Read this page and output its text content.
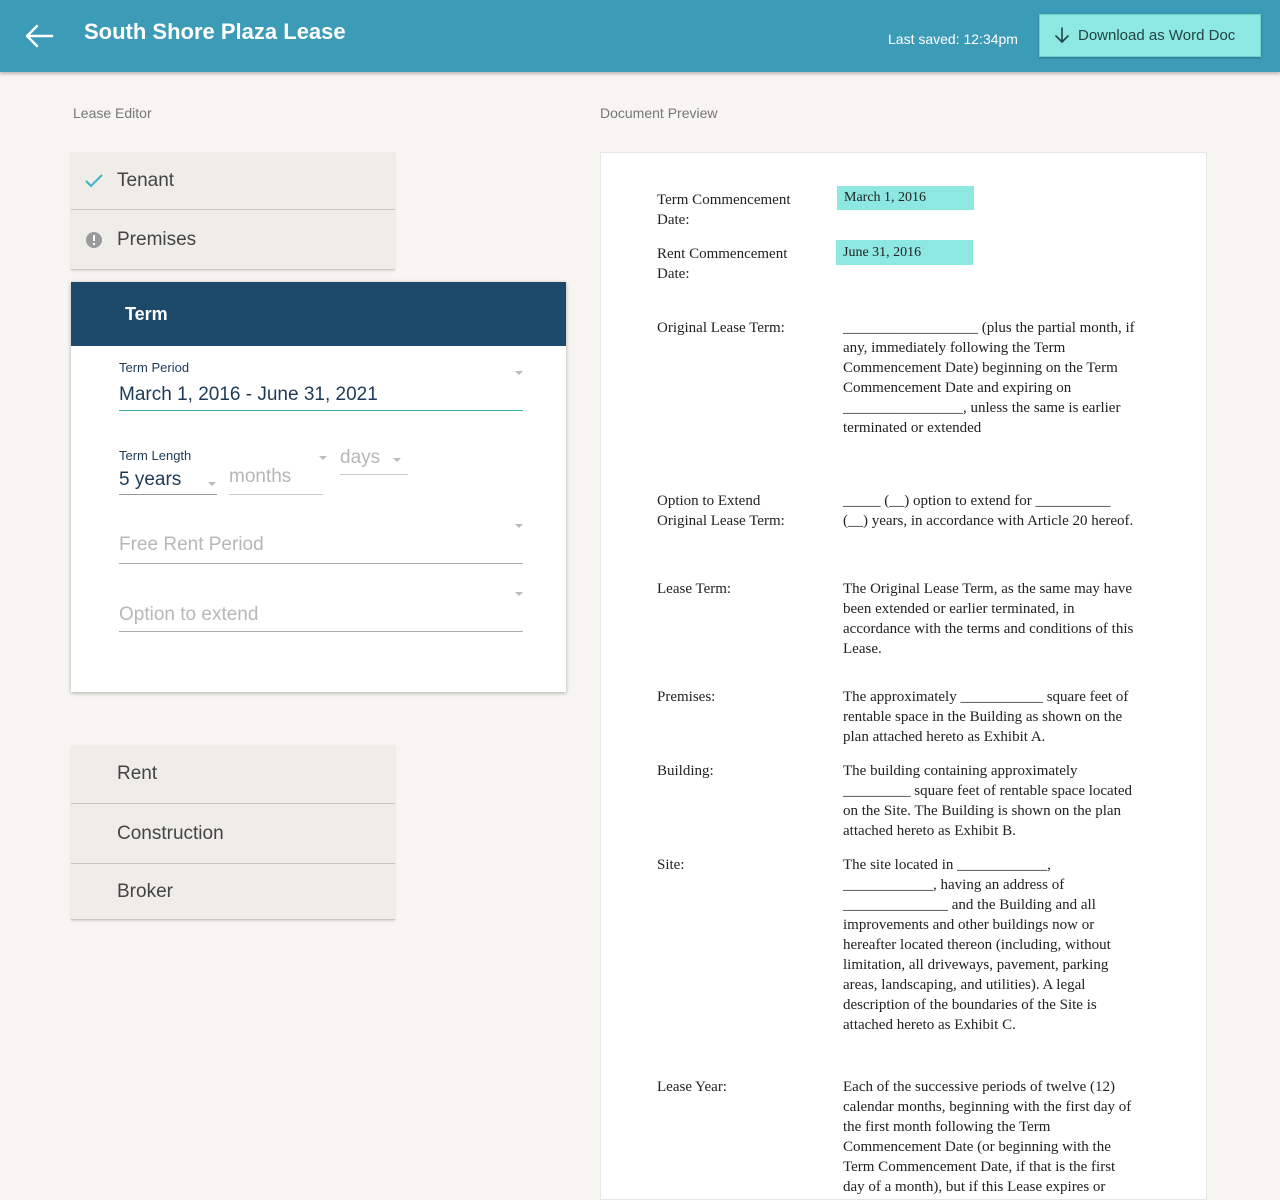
South Shore Plaza Lease	Last saved: 12:34pm	Download as Word Doc
Lease Editor	Document Preview
Tenant
Premises
Term
Term Period
March 1, 2016 - June 31, 2021
Term Length
5 years	months
days
Free Rent Period
Option to extend
Rent
Construction
Broker
Term Commencement Date:
March 1, 2016
Rent Commencement Date:
June 31, 2016
Original Lease Term:	__________________ (plus the partial month, if any, immediately following the Term Commencement Date) beginning on the Term Commencement Date and expiring on ________________, unless the same is earlier terminated or extended
Option to Extend Original Lease Term:
_____ (__) option to extend for __________ (__) years, in accordance with Article 20 hereof.
Lease Term:	The Original Lease Term, as the same may have been extended or earlier terminated, in accordance with the terms and conditions of this Lease.
Premises:	The approximately ___________ square feet of rentable space in the Building as shown on the plan attached hereto as Exhibit A.
Building:	The building containing approximately _________ square feet of rentable space located on the Site. The Building is shown on the plan attached hereto as Exhibit B.
Site:	The site located in ____________, ____________, having an address of ______________ and the Building and all improvements and other buildings now or hereafter located thereon (including, without limitation, all driveways, pavement, parking areas, landscaping, and utilities). A legal description of the boundaries of the Site is attached hereto as Exhibit C.
Lease Year:	Each of the successive periods of twelve (12) calendar months, beginning with the first day of the first month following the Term Commencement Date (or beginning with the Term Commencement Date, if that is the first day of a month), but if this Lease expires or
